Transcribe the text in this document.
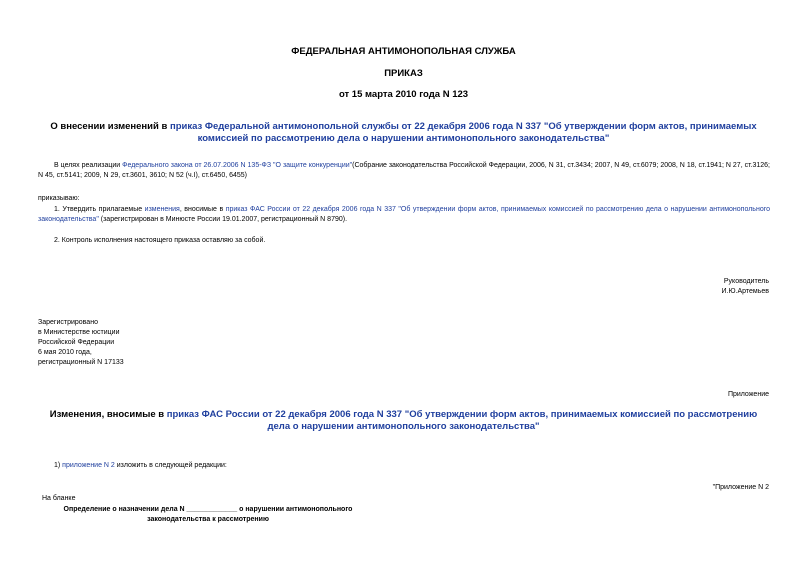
ФЕДЕРАЛЬНАЯ АНТИМОНОПОЛЬНАЯ СЛУЖБА
ПРИКАЗ
от 15 марта 2010 года N 123
О внесении изменений в приказ Федеральной антимонопольной службы от 22 декабря 2006 года N 337 "Об утверждении форм актов, принимаемых комиссией по рассмотрению дела о нарушении антимонопольного законодательства"
В целях реализации Федерального закона от 26.07.2006 N 135-ФЗ "О защите конкуренции"(Собрание законодательства Российской Федерации, 2006, N 31, ст.3434; 2007, N 49, ст.6079; 2008, N 18, ст.1941; N 27, ст.3126; N 45, ст.5141; 2009, N 29, ст.3601, 3610; N 52 (ч.I), ст.6450, 6455)
приказываю:
1. Утвердить прилагаемые изменения, вносимые в приказ ФАС России от 22 декабря 2006 года N 337 "Об утверждении форм актов, принимаемых комиссией по рассмотрению дела о нарушении антимонопольного законодательства" (зарегистрирован в Минюсте России 19.01.2007, регистрационный N 8790).
2. Контроль исполнения настоящего приказа оставляю за собой.
Руководитель
И.Ю.Артемьев
Зарегистрировано
в Министерстве юстиции
Российской Федерации
6 мая 2010 года,
регистрационный N 17133
Приложение
Изменения, вносимые в приказ ФАС России от 22 декабря 2006 года N 337 "Об утверждении форм актов, принимаемых комиссией по рассмотрению дела о нарушении антимонопольного законодательства"
1) приложение N 2 изложить в следующей редакции:
"Приложение N 2
На бланке
Определение о назначении дела N _____________ о нарушении антимонопольного
законодательства к рассмотрению
